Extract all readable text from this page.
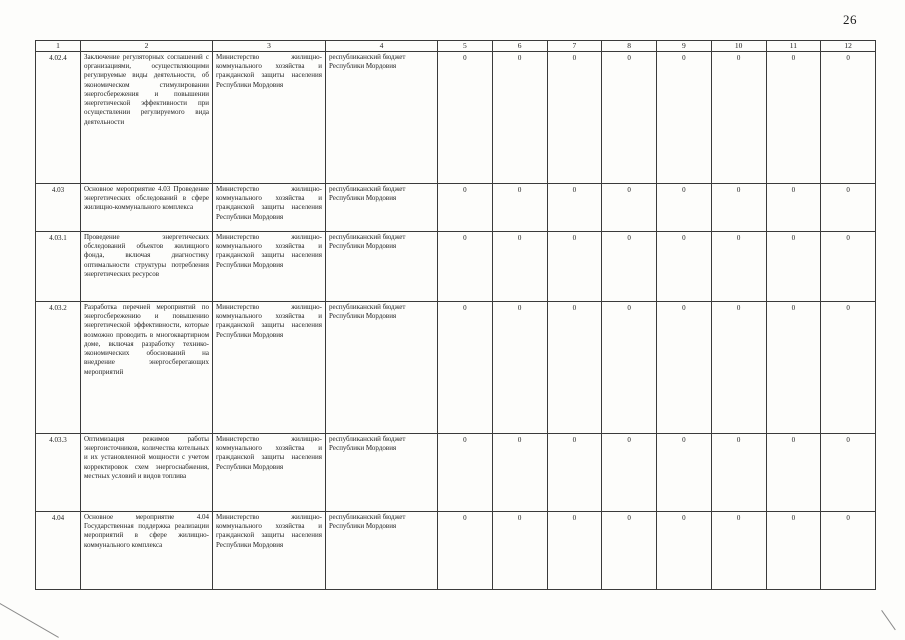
26
1	2	3	4	5	6	7	8	9	10	11	12
4.02.4	Заключение регуляторных соглашений с организациями, осуществляющими регулируемые виды деятельности, об экономическом стимулировании энергосбережения и повышении энергетической эффективности при осуществлении регулируемого вида деятельности	Министерство жилищно-коммунального хозяйства и гражданской защиты населения Республики Мордовия	республиканский бюджет Республики Мордовия	0	0	0	0	0	0	0	0
4.03	Основное мероприятие 4.03 Проведение энергетических обследований в сфере жилищно-коммунального комплекса	Министерство жилищно-коммунального хозяйства и гражданской защиты населения Республики Мордовия	республиканский бюджет Республики Мордовия	0	0	0	0	0	0	0	0
4.03.1	Проведение энергетических обследований объектов жилищного фонда, включая диагностику оптимальности структуры потребления энергетических ресурсов	Министерство жилищно-коммунального хозяйства и гражданской защиты населения Республики Мордовия	республиканский бюджет Республики Мордовия	0	0	0	0	0	0	0	0
4.03.2	Разработка перечней мероприятий по энергосбережению и повышению энергетической эффективности, которые возможно проводить в многоквартирном доме, включая разработку технико-экономических обоснований на внедрение энергосберегающих мероприятий	Министерство жилищно-коммунального хозяйства и гражданской защиты населения Республики Мордовия	республиканский бюджет Республики Мордовия	0	0	0	0	0	0	0	0
4.03.3	Оптимизация режимов работы энергоисточников, количества котельных и их установленной мощности с учетом корректировок схем энергоснабжения, местных условий и видов топлива	Министерство жилищно-коммунального хозяйства и гражданской защиты населения Республики Мордовия	республиканский бюджет Республики Мордовия	0	0	0	0	0	0	0	0
4.04	Основное мероприятие 4.04 Государственная поддержка реализации мероприятий в сфере жилищно-коммунального комплекса	Министерство жилищно-коммунального хозяйства и гражданской защиты населения Республики Мордовия	республиканский бюджет Республики Мордовия	0	0	0	0	0	0	0	0
